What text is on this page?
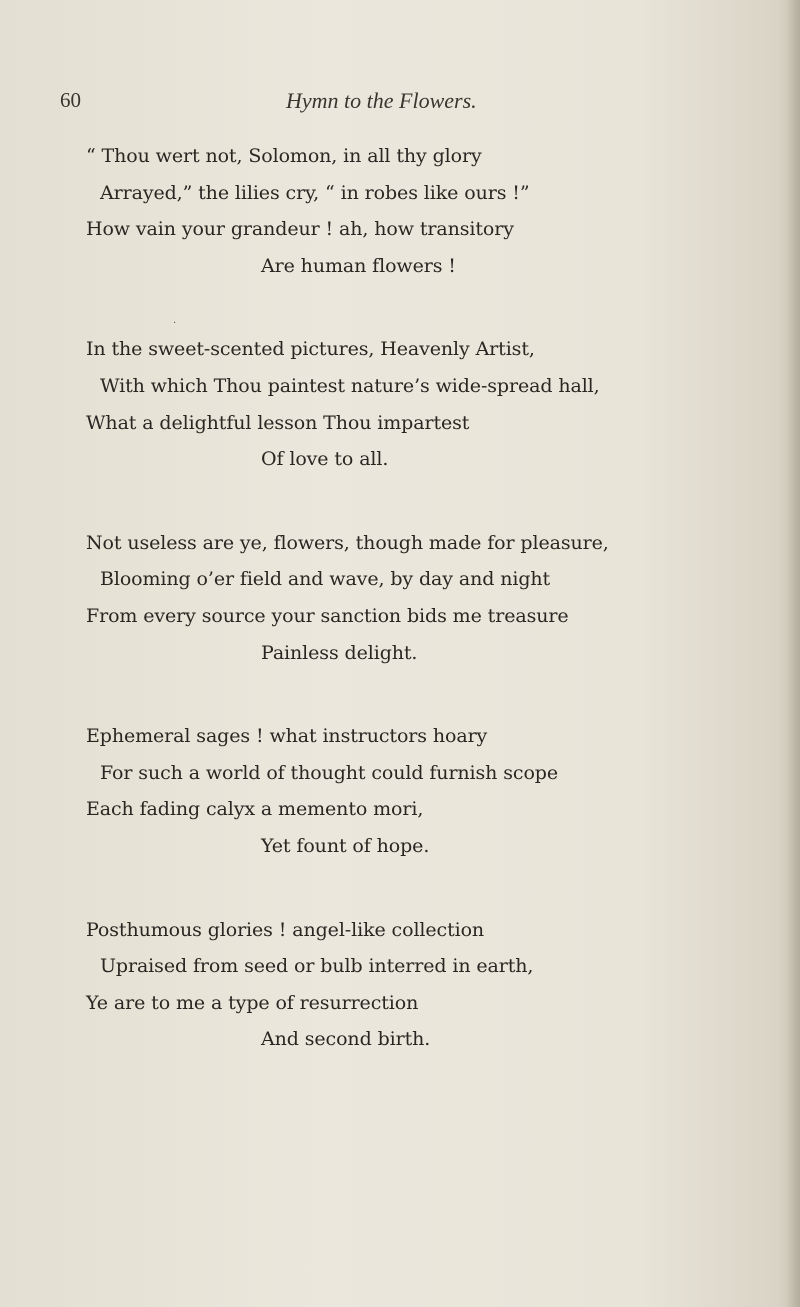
60	Hymn to the Flowers.
·
“ Thou wert not, Solomon, in all thy glory
Arrayed,” the lilies cry, “ in robes like ours !”
How vain your grandeur ! ah, how transitory
Are human flowers !
In the sweet-scented pictures, Heavenly Artist,
With which Thou paintest nature’s wide-spread hall,
What a delightful lesson Thou impartest
Of love to all.
Not useless are ye, flowers, though made for pleasure,
Blooming o’er field and wave, by day and night
From every source your sanction bids me treasure
Painless delight.
Ephemeral sages ! what instructors hoary
For such a world of thought could furnish scope
Each fading calyx a memento mori,
Yet fount of hope.
Posthumous glories ! angel-like collection
Upraised from seed or bulb interred in earth,
Ye are to me a type of resurrection
And second birth.
